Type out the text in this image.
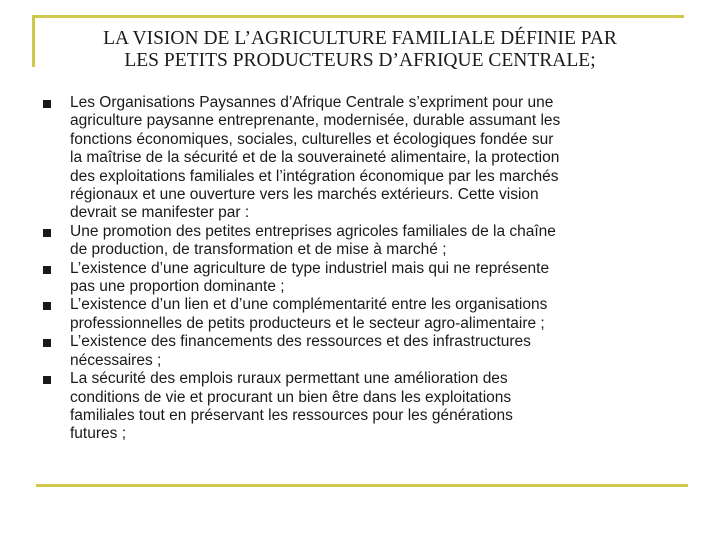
LA VISION DE L’AGRICULTURE FAMILIALE DÉFINIE PAR
LES PETITS PRODUCTEURS D’AFRIQUE CENTRALE;
Les Organisations Paysannes d’Afrique Centrale s’expriment pour une
agriculture paysanne entreprenante, modernisée, durable assumant les
fonctions économiques, sociales, culturelles et écologiques fondée sur
la maîtrise de la sécurité et de la souveraineté alimentaire, la protection
des exploitations familiales et l’intégration économique par les marchés
régionaux et une ouverture vers les marchés extérieurs. Cette vision
devrait se manifester par :
Une promotion des petites entreprises agricoles familiales de la chaîne
de production, de transformation et de mise à marché ;
L’existence d’une agriculture de type industriel mais qui ne représente
pas une proportion dominante ;
L’existence d’un lien et d’une complémentarité entre les organisations
professionnelles de petits producteurs et le secteur agro-alimentaire ;
L’existence des financements des ressources et des infrastructures
nécessaires ;
La sécurité des emplois ruraux permettant une amélioration des
conditions de vie et procurant un bien être dans les exploitations
familiales tout en préservant les ressources pour les générations
futures ;
